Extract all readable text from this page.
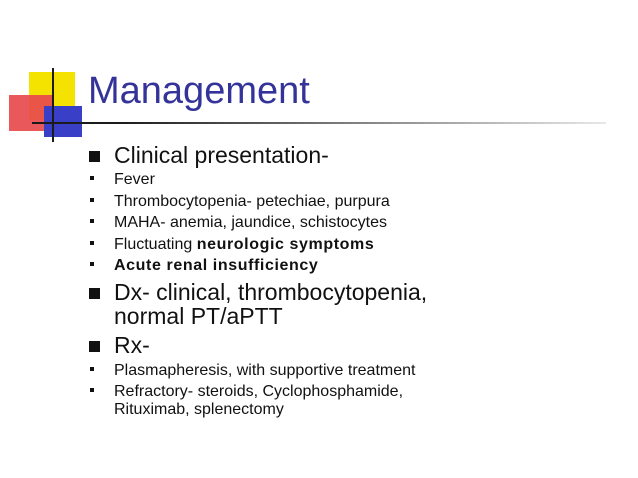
Management
Clinical presentation-
Fever
Thrombocytopenia- petechiae, purpura
MAHA- anemia, jaundice, schistocytes
Fluctuating neurologic symptoms
Acute renal insufficiency
Dx- clinical, thrombocytopenia, normal PT/aPTT
Rx-
Plasmapheresis, with supportive treatment
Refractory- steroids, Cyclophosphamide, Rituximab, splenectomy
